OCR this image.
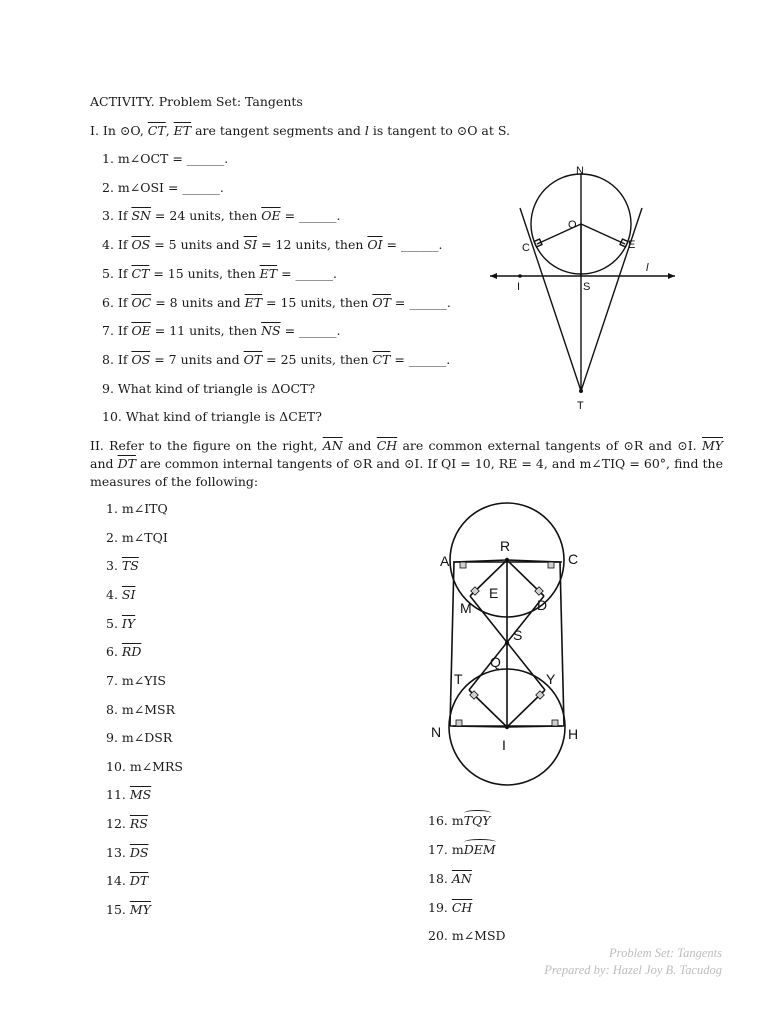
ACTIVITY. Problem Set: Tangents
I. In ⊙O, $\overline{CT}$, $\overline{ET}$ are tangent segments and l is tangent to ⊙O at S.
1. m∠OCT = ______.
2. m∠OSI = ______.
3. If $\overline{SN} = 24$ units, then $\overline{OE}$ = ______.
4. If $\overline{OS} = 5$ units and $\overline{SI} = 12$ units, then $\overline{OI}$ = ______.
5. If $\overline{CT} = 15$ units, then $\overline{ET}$ = ______.
6. If $\overline{OC} = 8$ units and $\overline{ET} = 15$ units, then $\overline{OT}$ = ______.
7. If $\overline{OE} = 11$ units, then $\overline{NS}$ = ______.
8. If $\overline{OS} = 7$ units and $\overline{OT} = 25$ units, then $\overline{CT}$ = ______.
9. What kind of triangle is ΔOCT?
10. What kind of triangle is ΔCET?
N
O
C	E
l
I	S
T
II. Refer to the figure on the right, $\overline{AN}$ and $\overline{CH}$ are common external tangents of ⊙R and ⊙I. $\overline{MY}$ and $\overline{DT}$ are common internal tangents of ⊙R and ⊙I. If QI = 10, RE = 4, and m∠TIQ = 60°, find the measures of the following:
1. m∠ITQ
2. m∠TQI
3. $\overline{TS}$
4. $\overline{SI}$
5. $\overline{IY}$
6. $\overline{RD}$
7. m∠YIS
8. m∠MSR
9. m∠DSR
10. m∠MRS
11. $\overline{MS}$
12. $\overline{RS}$
13. $\overline{DS}$
14. $\overline{DT}$
15. $\overline{MY}$
16. mTQY
17. mDEM
18. $\overline{AN}$
19. $\overline{CH}$
20. m∠MSD
R
A	C
E
M	D
S
Q
T	Y
N	H
I
Problem Set: Tangents
Prepared by: Hazel Joy B. Tacudog
